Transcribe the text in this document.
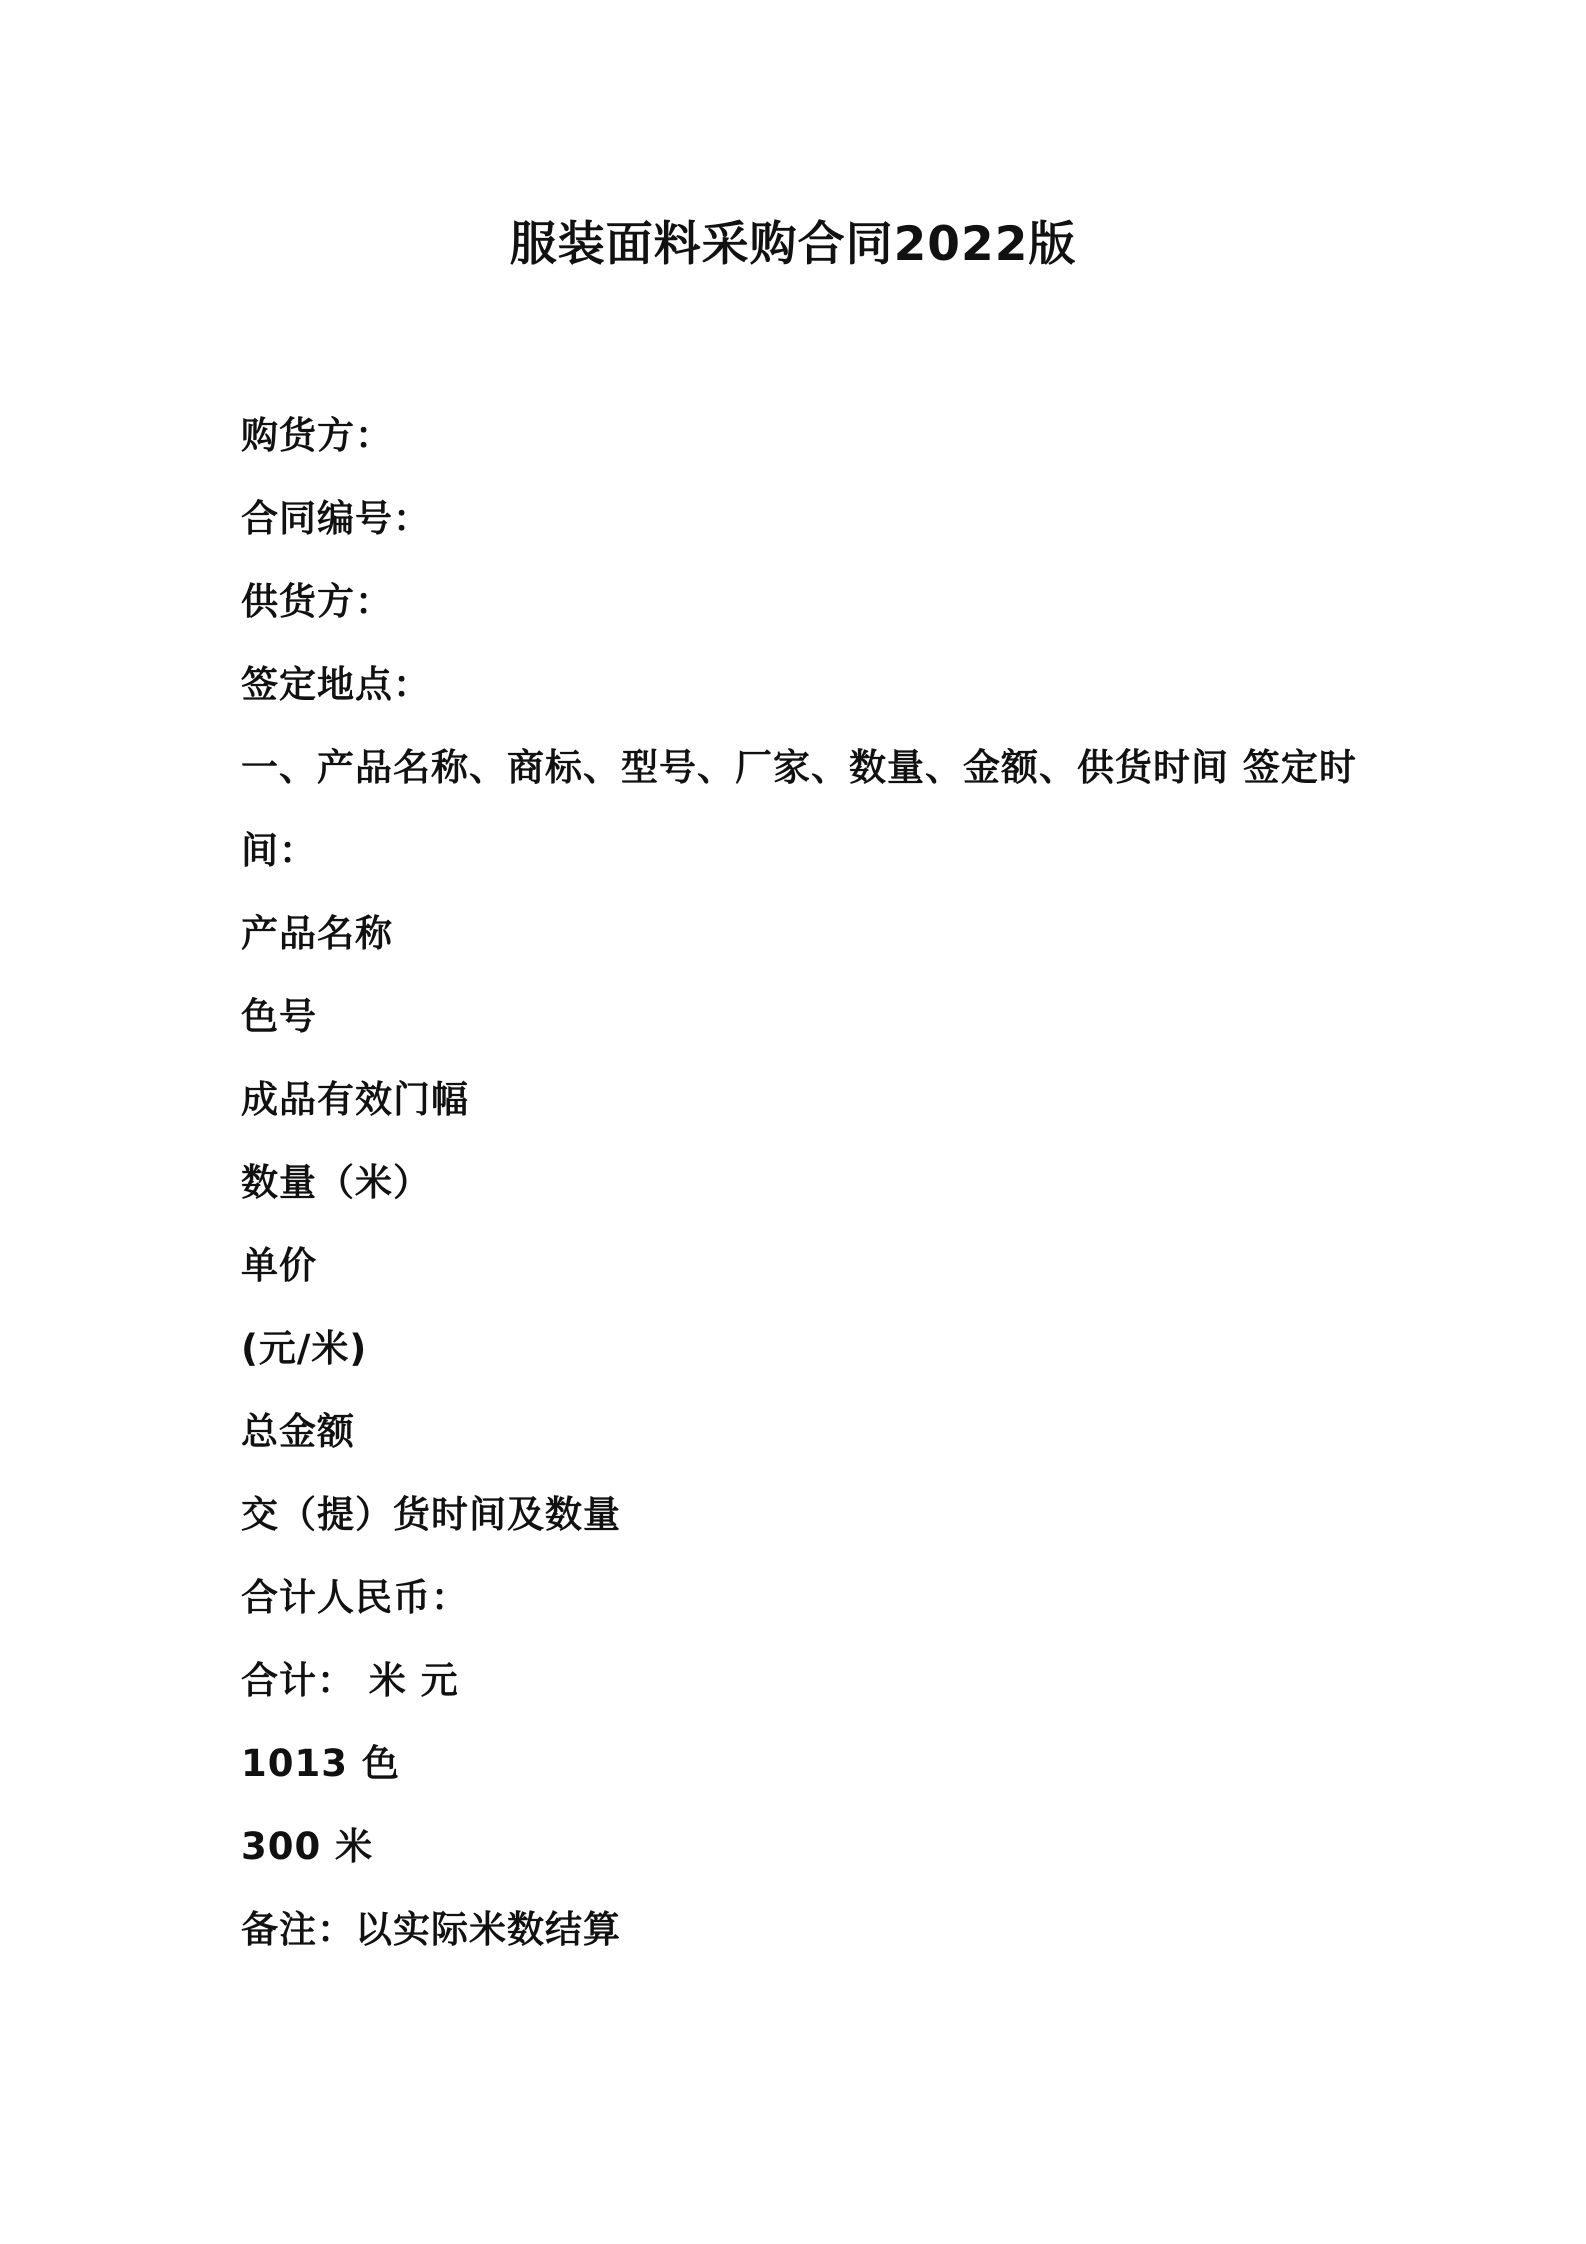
服装面料采购合同2022版
购货方：
合同编号：
供货方：
签定地点：
一、产品名称、商标、型号、厂家、数量、金额、供货时间 签定时
间：
产品名称
色号
成品有效门幅
数量（米）
单价
(元/米)
总金额
交（提）货时间及数量
合计人民币：
合计： 米 元
1013 色
300 米
备注：以实际米数结算
